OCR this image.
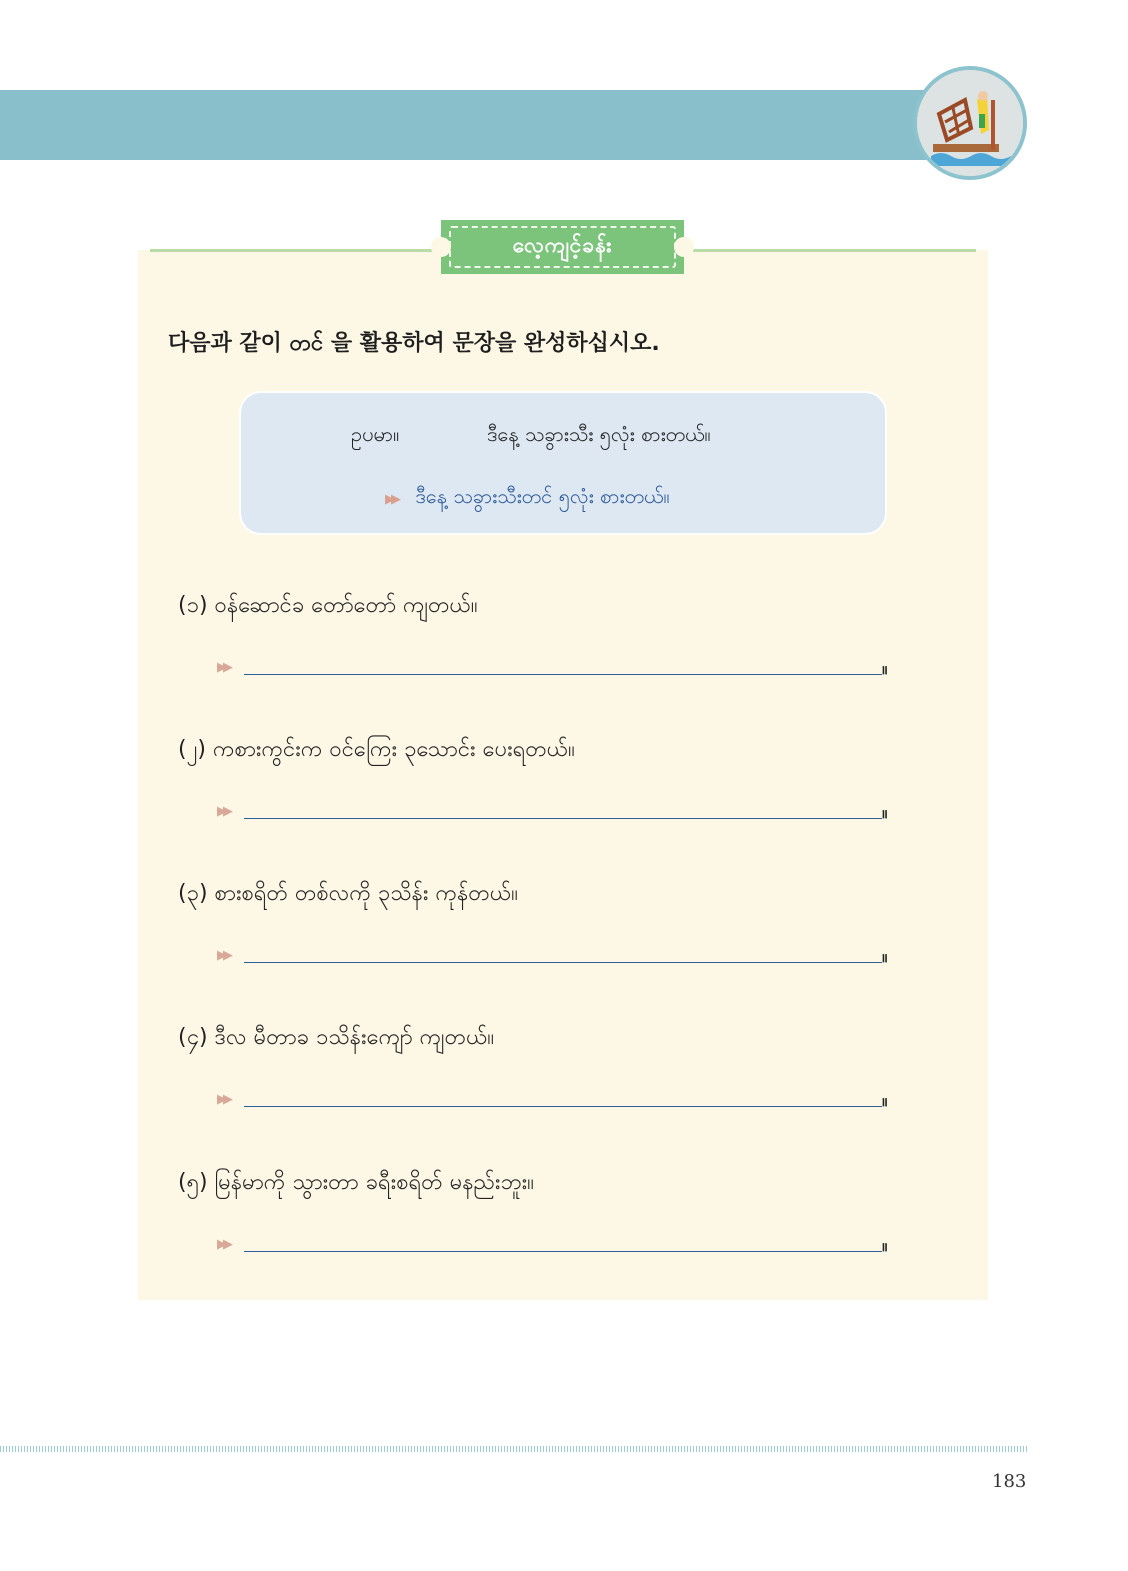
လေ့ကျင့်ခန်း
다음과 같이 တင် 을 활용하여 문장을 완성하십시오.
ဥပမာ။	ဒီနေ့ သခွားသီး ၅လုံး စားတယ်။
▶▶ ဒီနေ့ သခွားသီးတင် ၅လုံး စားတယ်။
(၁) ဝန်ဆောင်ခ တော်တော် ကျတယ်။
▶▶	။
(၂) ကစားကွင်းက ဝင်ကြေး ၃သောင်း ပေးရတယ်။
▶▶	။
(၃) စားစရိတ် တစ်လကို ၃သိန်း ကုန်တယ်။
▶▶	။
(၄) ဒီလ မီတာခ ၁သိန်းကျော် ကျတယ်။
▶▶	။
(၅) မြန်မာကို သွားတာ ခရီးစရိတ် မနည်းဘူး။
▶▶	။
183
